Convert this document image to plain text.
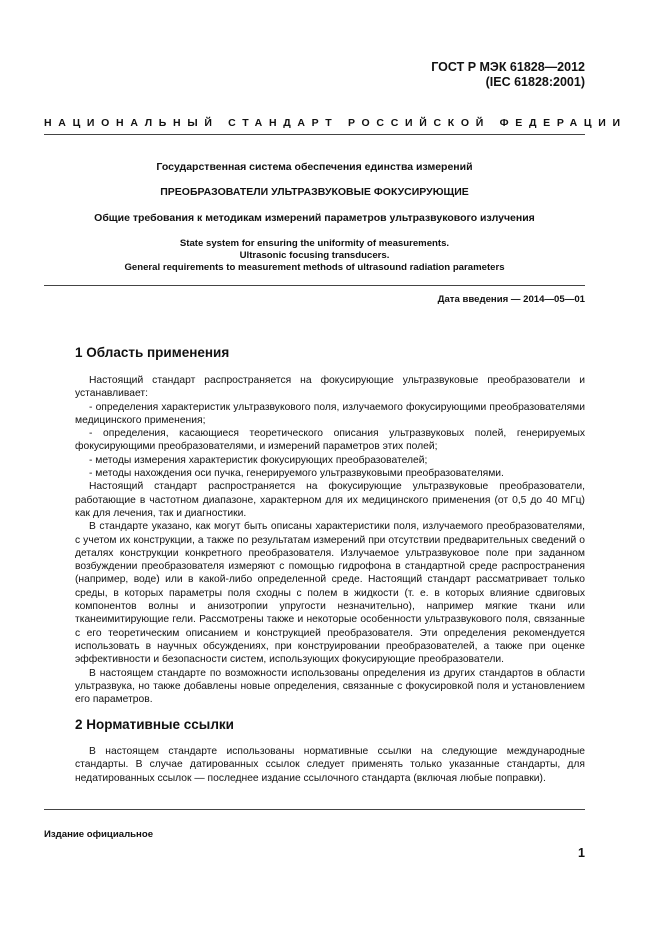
ГОСТ Р МЭК 61828—2012
(IEC 61828:2001)
НАЦИОНАЛЬНЫЙ СТАНДАРТ РОССИЙСКОЙ ФЕДЕРАЦИИ
Государственная система обеспечения единства измерений
ПРЕОБРАЗОВАТЕЛИ УЛЬТРАЗВУКОВЫЕ ФОКУСИРУЮЩИЕ
Общие требования к методикам измерений параметров ультразвукового излучения
State system for ensuring the uniformity of measurements.
Ultrasonic focusing transducers.
General requirements to measurement methods of ultrasound radiation parameters
Дата введения — 2014—05—01
1 Область применения

Настоящий стандарт распространяется на фокусирующие ультразвуковые преобразователи и устанавливает:

- определения характеристик ультразвукового поля, излучаемого фокусирующими преобразователями медицинского применения;

- определения, касающиеся теоретического описания ультразвуковых полей, генерируемых фокусирующими преобразователями, и измерений параметров этих полей;

- методы измерения характеристик фокусирующих преобразователей;

- методы нахождения оси пучка, генерируемого ультразвуковыми преобразователями.

Настоящий стандарт распространяется на фокусирующие ультразвуковые преобразователи, работающие в частотном диапазоне, характерном для их медицинского применения (от 0,5 до 40 МГц) как для лечения, так и диагностики.

В стандарте указано, как могут быть описаны характеристики поля, излучаемого преобразователями, с учетом их конструкции, а также по результатам измерений при отсутствии предварительных сведений о деталях конструкции конкретного преобразователя. Излучаемое ультразвуковое поле при заданном возбуждении преобразователя измеряют с помощью гидрофона в стандартной среде распространения (например, воде) или в какой-либо определенной среде. Настоящий стандарт рассматривает только среды, в которых параметры поля сходны с полем в жидкости (т. е. в которых влияние сдвиговых компонентов волны и анизотропии упругости незначительно), например мягкие ткани или тканеимитирующие гели. Рассмотрены также и некоторые особенности ультразвукового поля, связанные с его теоретическим описанием и конструкцией преобразователя. Эти определения рекомендуется использовать в научных обсуждениях, при конструировании преобразователей, а также при оценке эффективности и безопасности систем, использующих фокусирующие преобразователи.

В настоящем стандарте по возможности использованы определения из других стандартов в области ультразвука, но также добавлены новые определения, связанные с фокусировкой поля и установлением его параметров.

2 Нормативные ссылки

В настоящем стандарте использованы нормативные ссылки на следующие международные стандарты. В случае датированных ссылок следует применять только указанные стандарты, для недатированных ссылок — последнее издание ссылочного стандарта (включая любые поправки).

Издание официальное
1
